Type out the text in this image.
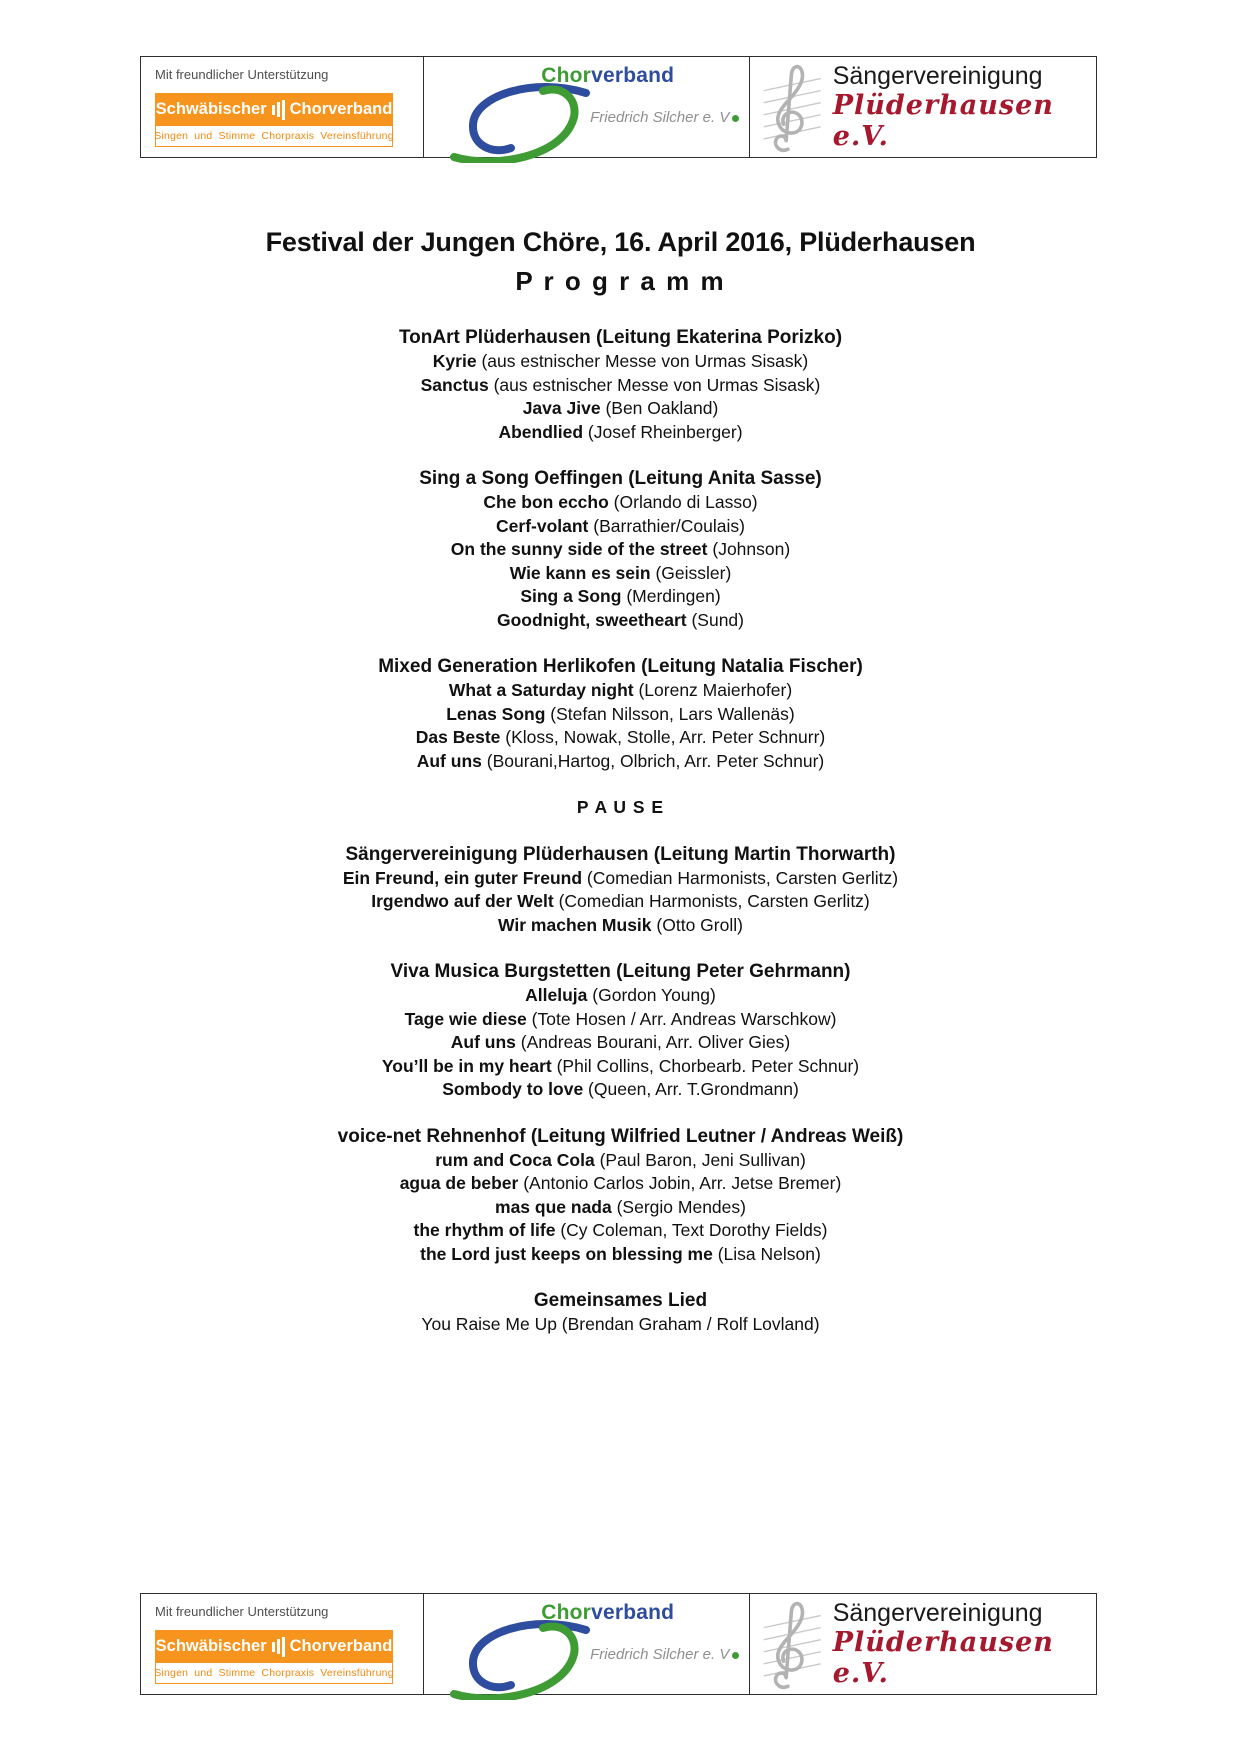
Mit freundlicher Unterstützung
Schwäbischer Chorverband
Singen und Stimme Chorpraxis Vereinsführung
Chorverband
Friedrich Silcher e. V
Sängervereinigung
Plüderhausen e.V.
Festival der Jungen Chöre, 16. April 2016, Plüderhausen
P r o g r a m m
TonArt Plüderhausen (Leitung Ekaterina Porizko)
Kyrie (aus estnischer Messe von Urmas Sisask)
Sanctus (aus estnischer Messe von Urmas Sisask)
Java Jive (Ben Oakland)
Abendlied (Josef Rheinberger)
Sing a Song Oeffingen (Leitung Anita Sasse)
Che bon eccho (Orlando di Lasso)
Cerf-volant (Barrathier/Coulais)
On the sunny side of the street (Johnson)
Wie kann es sein (Geissler)
Sing a Song (Merdingen)
Goodnight, sweetheart (Sund)
Mixed Generation Herlikofen (Leitung Natalia Fischer)
What a Saturday night (Lorenz Maierhofer)
Lenas Song (Stefan Nilsson, Lars Wallenäs)
Das Beste (Kloss, Nowak, Stolle, Arr. Peter Schnurr)
Auf uns (Bourani,Hartog, Olbrich, Arr. Peter Schnur)
P A U S E
Sängervereinigung Plüderhausen (Leitung Martin Thorwarth)
Ein Freund, ein guter Freund (Comedian Harmonists, Carsten Gerlitz)
Irgendwo auf der Welt (Comedian Harmonists, Carsten Gerlitz)
Wir machen Musik (Otto Groll)
Viva Musica Burgstetten (Leitung Peter Gehrmann)
Alleluja (Gordon Young)
Tage wie diese (Tote Hosen / Arr. Andreas Warschkow)
Auf uns (Andreas Bourani, Arr. Oliver Gies)
You’ll be in my heart (Phil Collins, Chorbearb. Peter Schnur)
Sombody to love (Queen, Arr. T.Grondmann)
voice-net Rehnenhof (Leitung Wilfried Leutner / Andreas Weiß)
rum and Coca Cola (Paul Baron, Jeni Sullivan)
agua de beber (Antonio Carlos Jobin, Arr. Jetse Bremer)
mas que nada (Sergio Mendes)
the rhythm of life (Cy Coleman, Text Dorothy Fields)
the Lord just keeps on blessing me (Lisa Nelson)
Gemeinsames Lied
You Raise Me Up (Brendan Graham / Rolf Lovland)
Mit freundlicher Unterstützung
Schwäbischer Chorverband
Singen und Stimme Chorpraxis Vereinsführung
Chorverband
Friedrich Silcher e. V
Sängervereinigung
Plüderhausen e.V.
